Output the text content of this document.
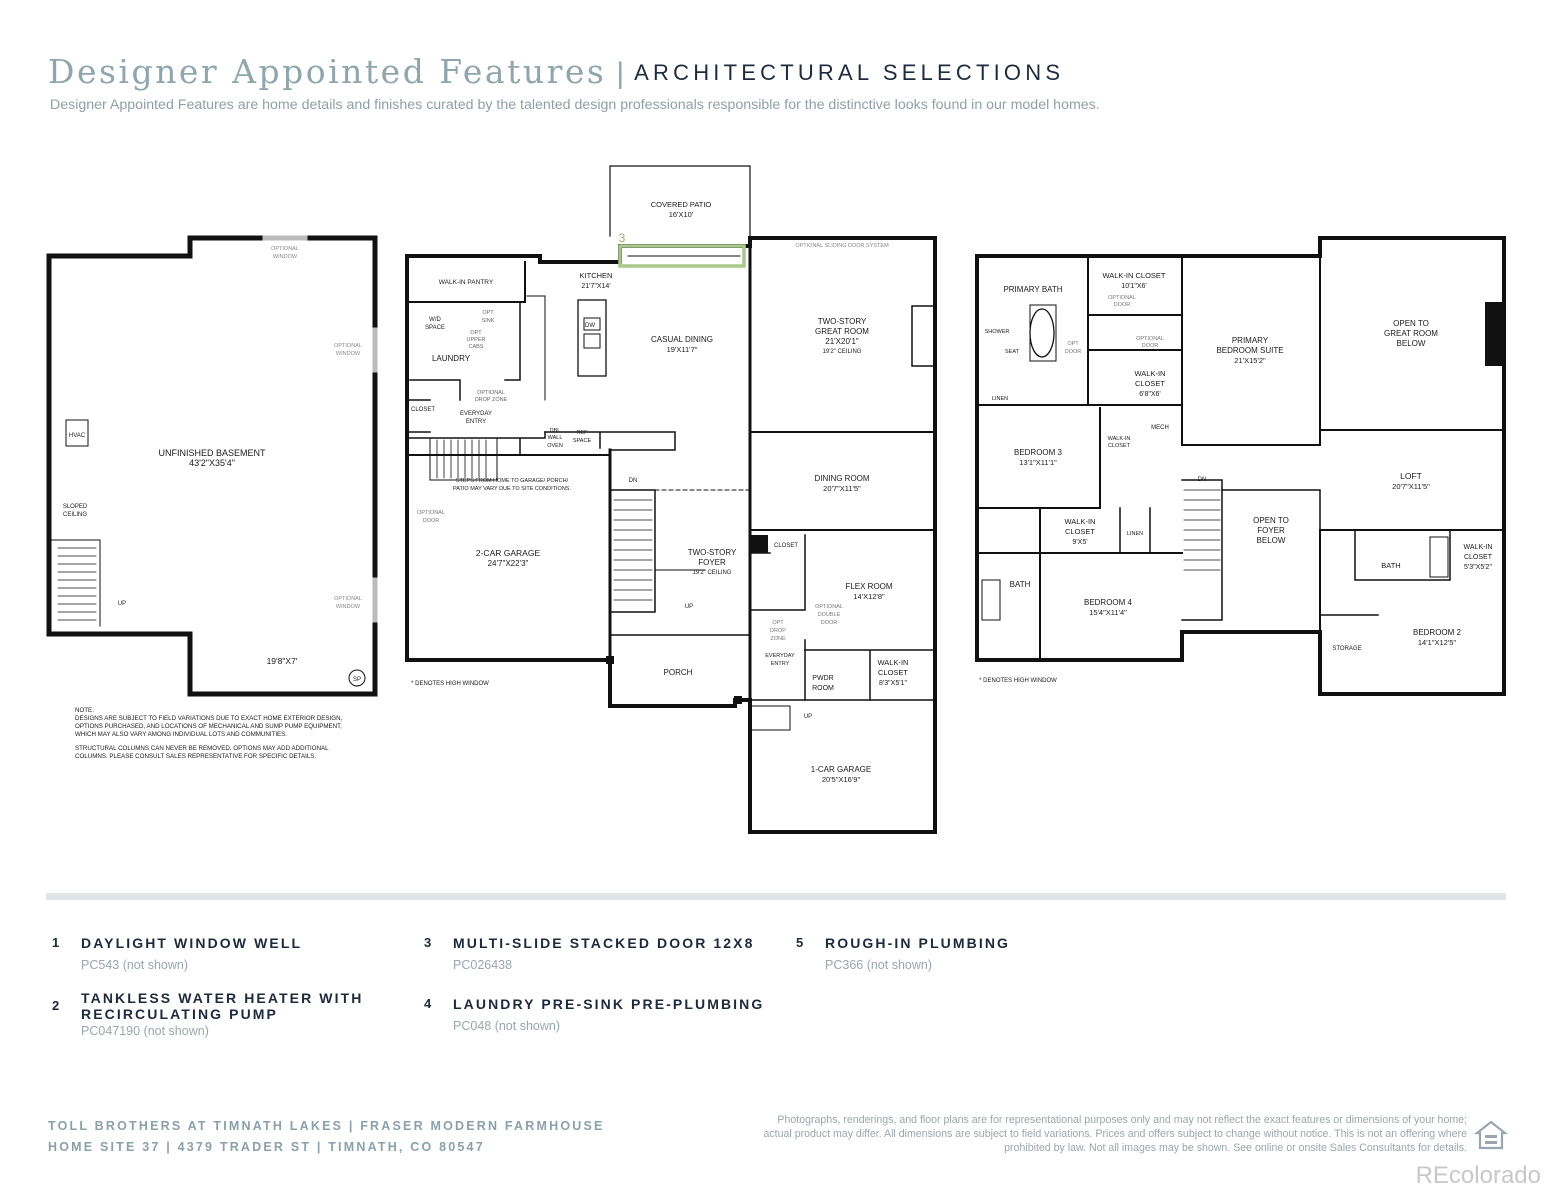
Designer Appointed Features | ARCHITECTURAL SELECTIONS
Designer Appointed Features are home details and finishes curated by the talented design professionals responsible for the distinctive looks found in our model homes.
UNFINISHED BASEMENT
43'2"X35'4"
19'8"X7'
HVAC
SLOPED
CEILING
UP
SP
OPTIONAL
WINDOW
OPTIONAL
WINDOW
OPTIONAL
WINDOW
COVERED PATIO
16'X10'
3
OPTIONAL SLIDING DOOR SYSTEM
WALK-IN PANTRY
KITCHEN
21'7"X14'
CASUAL DINING
19'X11'7"
TWO-STORY
GREAT ROOM
21'X20'1"
19'2" CEILING
DINING ROOM
20'7"X11'5"
W/D
SPACE
OPT
SINK
OPT
UPPER
CABS
LAUNDRY
DW
OPTIONAL
DROP ZONE
CLOSET
EVERYDAY
ENTRY
DBL
WALL
OVEN
REF
SPACE
STEPS FROM HOME TO GARAGE/ PORCH/
PATIO MAY VARY DUE TO SITE CONDITIONS.
OPTIONAL
DOOR
2-CAR GARAGE
24'7"X22'3"
DN
UP
TWO-STORY
FOYER
19'2" CEILING
PORCH
CLOSET
FLEX ROOM
14'X12'8"
OPTIONAL
DOUBLE
DOOR
OPT
DROP
ZONE
EVERYDAY
ENTRY
PWDR
ROOM
WALK-IN
CLOSET
8'3"X5'1"
* DENOTES HIGH WINDOW
1-CAR GARAGE
20'5"X16'9"
UP
PRIMARY BATH
WALK-IN CLOSET
10'1"X6'
OPTIONAL
DOOR
OPT
DOOR
OPTIONAL
DOOR
SHOWER
SEAT
LINEN
WALK-IN
CLOSET
6'8"X6'
PRIMARY
BEDROOM SUITE
21'X15'2"
OPEN TO
GREAT ROOM
BELOW
MECH
BEDROOM 3
13'1"X11'1"
WALK-IN
CLOSET
DN
OPEN TO
FOYER
BELOW
LOFT
20'7"X11'5"
WALK-IN
CLOSET
9'X5'
LINEN
BATH
BEDROOM 4
15'4"X11'4"
BATH
WALK-IN
CLOSET
5'3"X5'2"
STORAGE
BEDROOM 2
14'1"X12'5"
* DENOTES HIGH WINDOW
NOTE:
DESIGNS ARE SUBJECT TO FIELD VARIATIONS DUE TO EXACT HOME EXTERIOR DESIGN,
OPTIONS PURCHASED, AND LOCATIONS OF MECHANICAL AND SUMP PUMP EQUIPMENT,
WHICH MAY ALSO VARY AMONG INDIVIDUAL LOTS AND COMMUNITIES.
STRUCTURAL COLUMNS CAN NEVER BE REMOVED. OPTIONS MAY ADD ADDITIONAL
COLUMNS. PLEASE CONSULT SALES REPRESENTATIVE FOR SPECIFIC DETAILS.
1 DAYLIGHT WINDOW WELL
PC543 (not shown)
2 TANKLESS WATER HEATER WITH
RECIRCULATING PUMP
PC047190 (not shown)
3 MULTI-SLIDE STACKED DOOR 12X8
PC026438
4 LAUNDRY PRE-SINK PRE-PLUMBING
PC048 (not shown)
5 ROUGH-IN PLUMBING
PC366 (not shown)
TOLL BROTHERS AT TIMNATH LAKES | FRASER MODERN FARMHOUSE
HOME SITE 37 | 4379 TRADER ST | TIMNATH, CO 80547
Photographs, renderings, and floor plans are for representational purposes only and may not reflect the exact features or dimensions of your home; actual product may differ. All dimensions are subject to field variations. Prices and offers subject to change without notice. This is not an offering where prohibited by law. Not all images may be shown. See online or onsite Sales Consultants for details.
REcolorado
